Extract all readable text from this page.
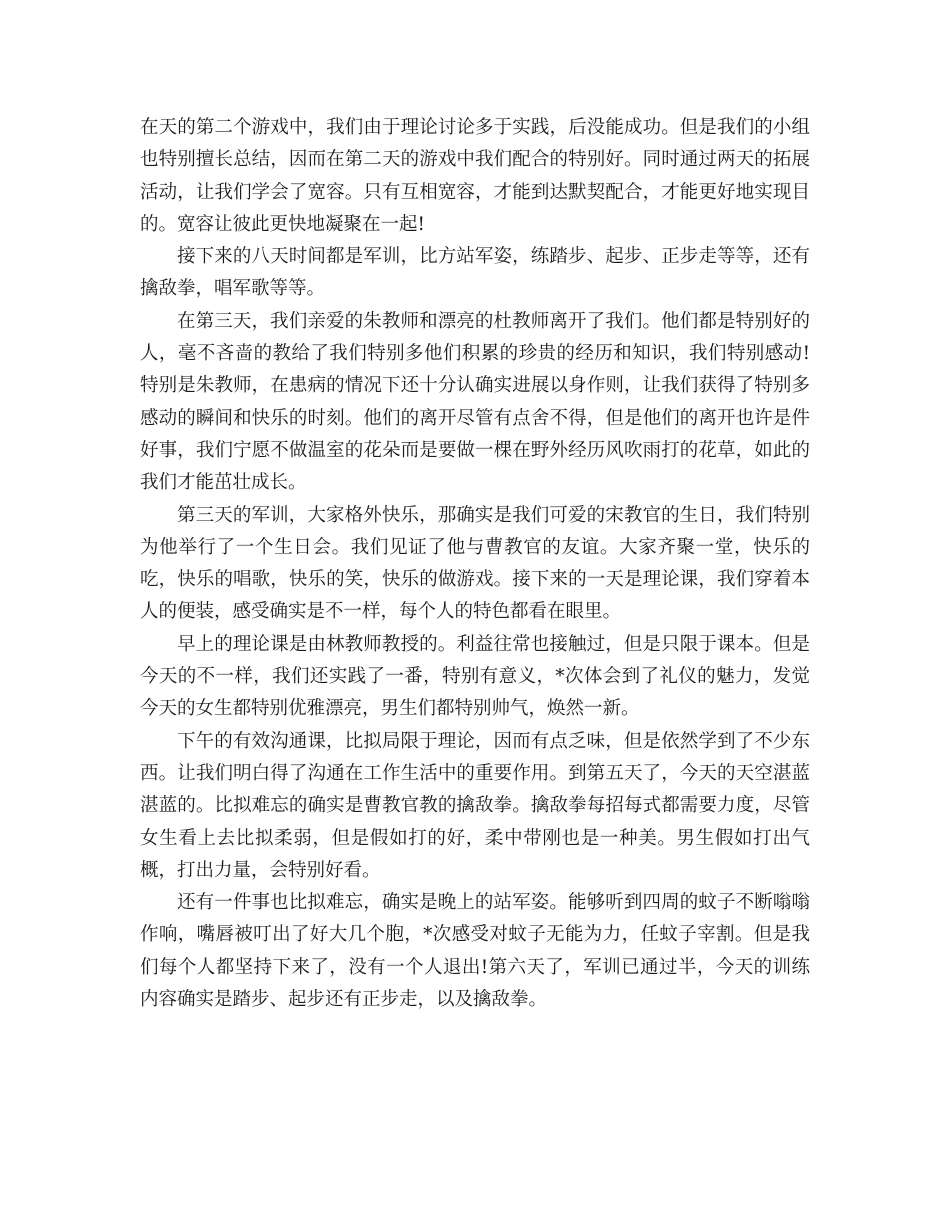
在天的第二个游戏中，我们由于理论讨论多于实践，后没能成功。但是我们的小组也特别擅长总结，因而在第二天的游戏中我们配合的特别好。同时通过两天的拓展活动，让我们学会了宽容。只有互相宽容，才能到达默契配合，才能更好地实现目的。宽容让彼此更快地凝聚在一起!

接下来的八天时间都是军训，比方站军姿，练踏步、起步、正步走等等，还有擒敌拳，唱军歌等等。

在第三天，我们亲爱的朱教师和漂亮的杜教师离开了我们。他们都是特别好的人，毫不吝啬的教给了我们特别多他们积累的珍贵的经历和知识，我们特别感动!特别是朱教师，在患病的情况下还十分认确实进展以身作则，让我们获得了特别多感动的瞬间和快乐的时刻。他们的离开尽管有点舍不得，但是他们的离开也许是件好事，我们宁愿不做温室的花朵而是要做一棵在野外经历风吹雨打的花草，如此的我们才能茁壮成长。

第三天的军训，大家格外快乐，那确实是我们可爱的宋教官的生日，我们特别为他举行了一个生日会。我们见证了他与曹教官的友谊。大家齐聚一堂，快乐的吃，快乐的唱歌，快乐的笑，快乐的做游戏。接下来的一天是理论课，我们穿着本人的便装，感受确实是不一样，每个人的特色都看在眼里。

早上的理论课是由林教师教授的。利益往常也接触过，但是只限于课本。但是今天的不一样，我们还实践了一番，特别有意义，*次体会到了礼仪的魅力，发觉今天的女生都特别优雅漂亮，男生们都特别帅气，焕然一新。

下午的有效沟通课，比拟局限于理论，因而有点乏味，但是依然学到了不少东西。让我们明白得了沟通在工作生活中的重要作用。到第五天了，今天的天空湛蓝湛蓝的。比拟难忘的确实是曹教官教的擒敌拳。擒敌拳每招每式都需要力度，尽管女生看上去比拟柔弱，但是假如打的好，柔中带刚也是一种美。男生假如打出气概，打出力量，会特别好看。

还有一件事也比拟难忘，确实是晚上的站军姿。能够听到四周的蚊子不断嗡嗡作响，嘴唇被叮出了好大几个胞，*次感受对蚊子无能为力，任蚊子宰割。但是我们每个人都坚持下来了，没有一个人退出!第六天了，军训已通过半，今天的训练内容确实是踏步、起步还有正步走，以及擒敌拳。
